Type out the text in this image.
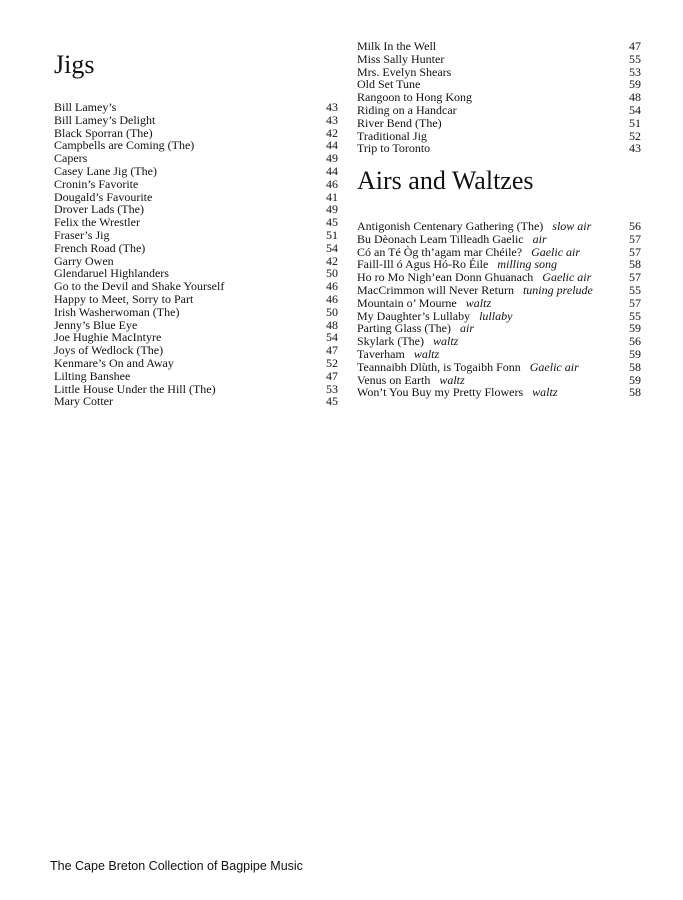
Jigs
Bill Lamey’s	43
Bill Lamey’s Delight	43
Black Sporran (The)	42
Campbells are Coming (The)	44
Capers	49
Casey Lane Jig (The)	44
Cronin’s Favorite	46
Dougald’s Favourite	41
Drover Lads (The)	49
Felix the Wrestler	45
Fraser’s Jig	51
French Road (The)	54
Garry Owen	42
Glendaruel Highlanders	50
Go to the Devil and Shake Yourself	46
Happy to Meet, Sorry to Part	46
Irish Washerwoman (The)	50
Jenny’s Blue Eye	48
Joe Hughie MacIntyre	54
Joys of Wedlock (The)	47
Kenmare’s On and Away	52
Lilting Banshee	47
Little House Under the Hill (The)	53
Mary Cotter	45
Milk In the Well	47
Miss Sally Hunter	55
Mrs. Evelyn Shears	53
Old Set Tune	59
Rangoon to Hong Kong	48
Riding on a Handcar	54
River Bend (The)	51
Traditional Jig	52
Trip to Toronto	43
Airs and Waltzes
Antigonish Centenary Gathering (The) slow air	56
Bu Dèonach Leam Tilleadh Gaelic air	57
Có an Té Òg th’agam mar Chéile? Gaelic air	57
Faill-Ill ó Agus Hó-Ro Éile milling song	58
Ho ro Mo Nigh’ean Donn Ghuanach Gaelic air	57
MacCrimmon will Never Return tuning prelude	55
Mountain o’ Mourne waltz	57
My Daughter’s Lullaby lullaby	55
Parting Glass (The) air	59
Skylark (The) waltz	56
Taverham waltz	59
Teannaibh Dlùth, is Togaibh Fonn Gaelic air	58
Venus on Earth waltz	59
Won’t You Buy my Pretty Flowers waltz	58
The Cape Breton Collection of Bagpipe Music
